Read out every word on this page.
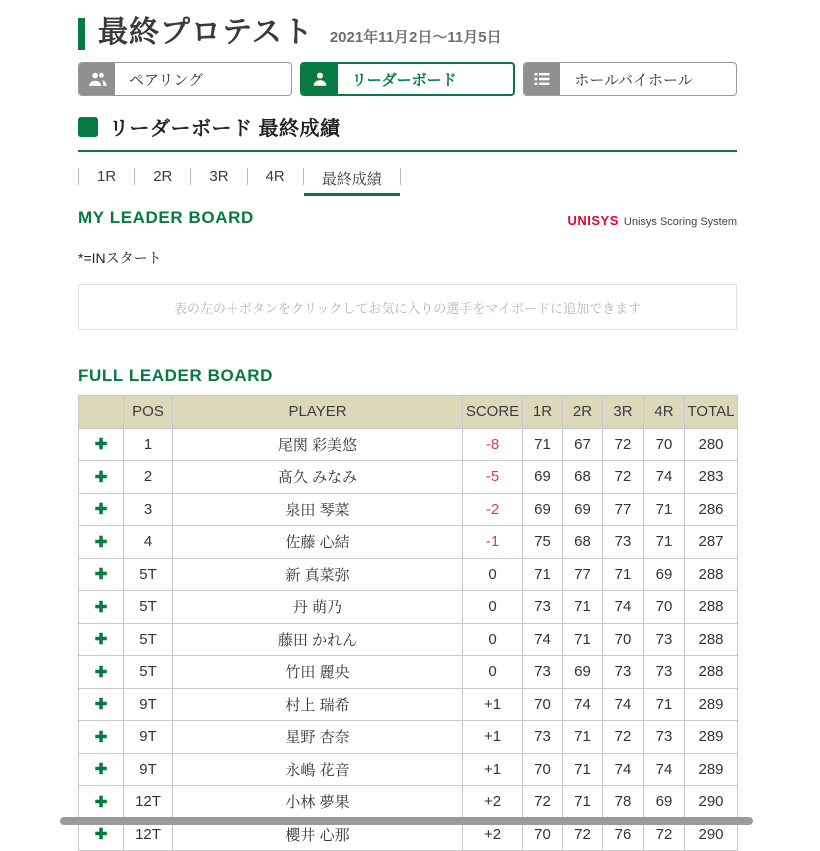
最終プロテスト 2021年11月2日～11月5日
ペアリング	リーダーボード	ホールバイホール
リーダーボード 最終成績
1R	2R	3R	4R	最終成績
MY LEADER BOARD	UNISYS Unisys Scoring System

*=INスタート

表の左の＋ボタンをクリックしてお気に入りの選手をマイボードに追加できます
FULL LEADER BOARD
	POS	PLAYER	SCORE	1R	2R	3R	4R	TOTAL
✚	1	尾関 彩美悠	-8	71	67	72	70	280
✚	2	髙久 みなみ	-5	69	68	72	74	283
✚	3	泉田 琴菜	-2	69	69	77	71	286
✚	4	佐藤 心結	-1	75	68	73	71	287
✚	5T	新 真菜弥	0	71	77	71	69	288
✚	5T	丹 萌乃	0	73	71	74	70	288
✚	5T	藤田 かれん	0	74	71	70	73	288
✚	5T	竹田 麗央	0	73	69	73	73	288
✚	9T	村上 瑞希	+1	70	74	74	71	289
✚	9T	星野 杏奈	+1	73	71	72	73	289
✚	9T	永嶋 花音	+1	70	71	74	74	289
✚	12T	小林 夢果	+2	72	71	78	69	290
✚	12T	櫻井 心那	+2	70	72	76	72	290
